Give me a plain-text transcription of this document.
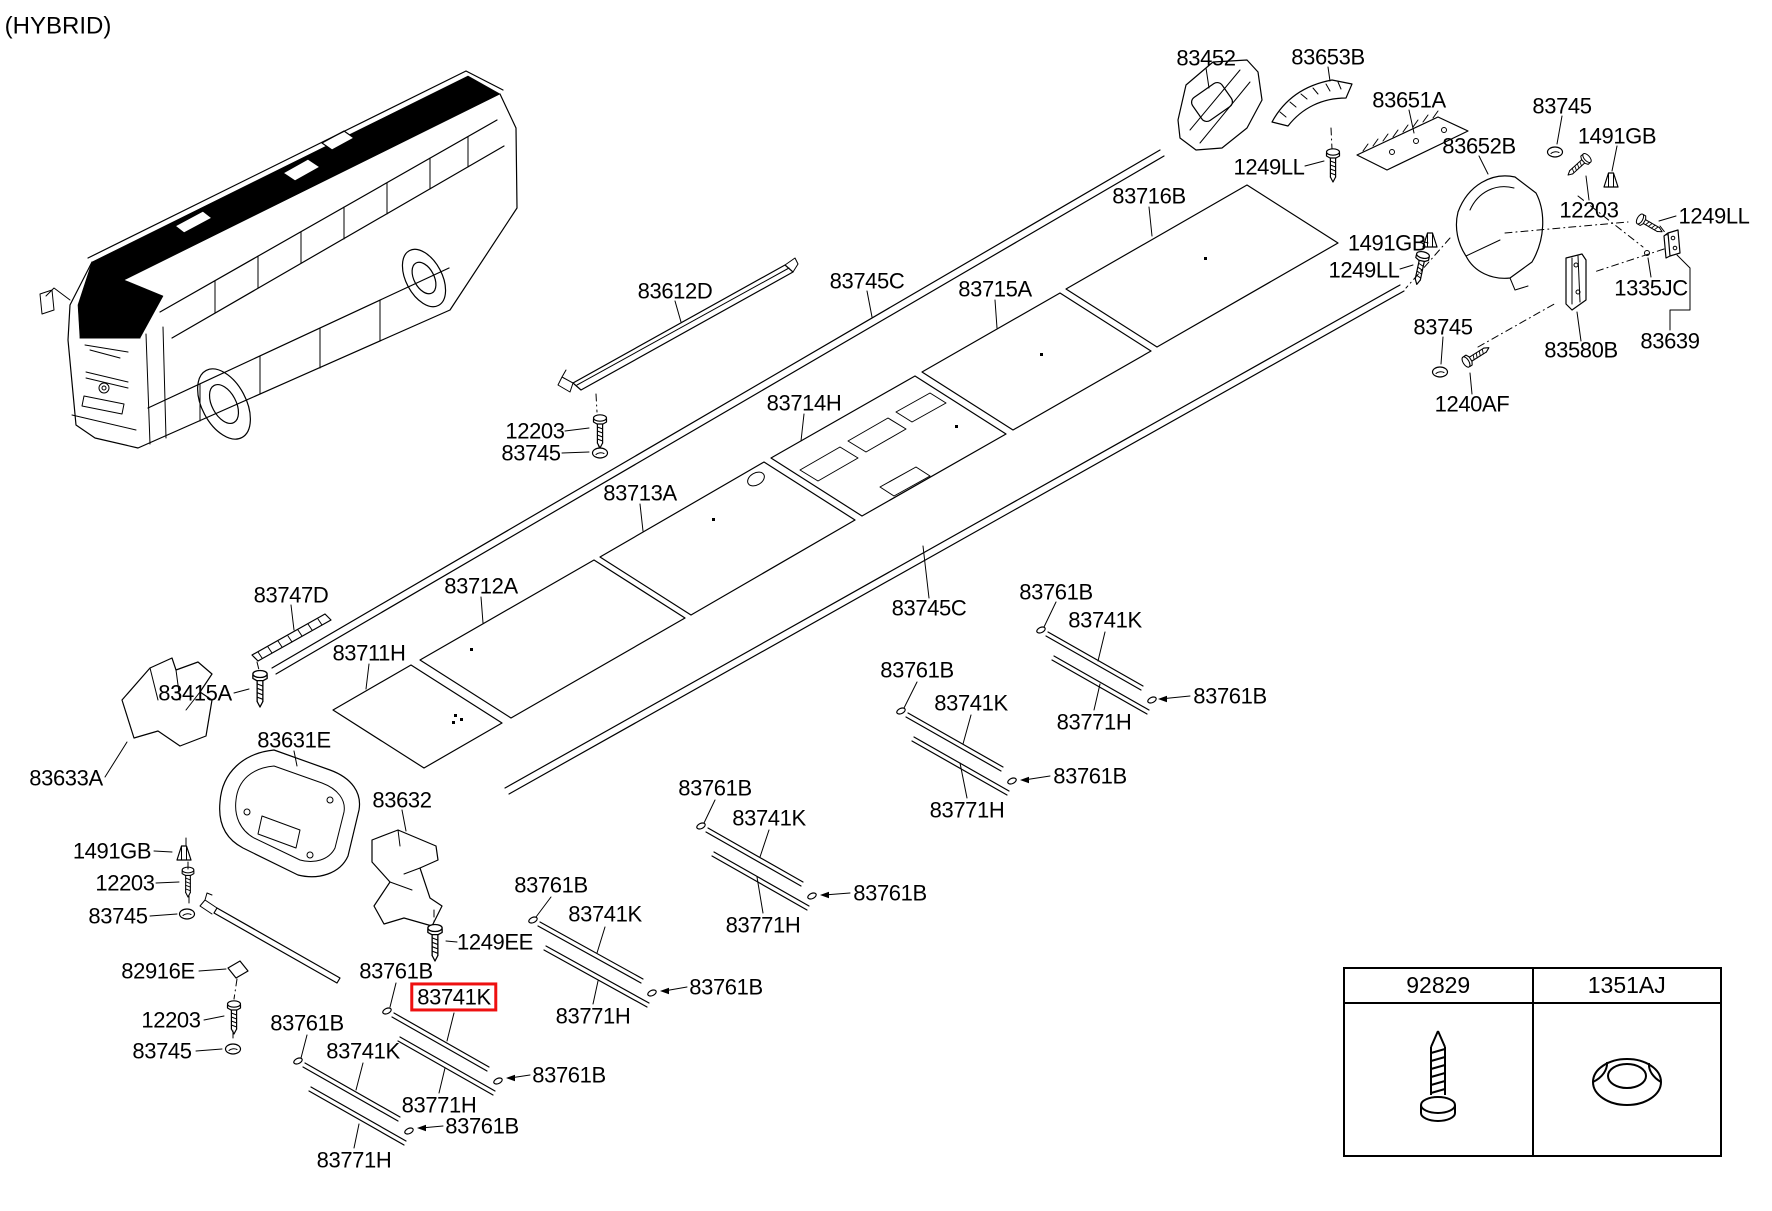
(HYBRID)
83452	83653B
83651A
83652B
83745
1491GB
12203	1249LL
1249LL
1491GB
1249LL
1335JC
83639
83580B
83745
1240AF
83716B
83715A
83745C
83714H
83612D
12203
83745
83713A
83712A
83711H
83747D
83415A
83745C
83633A
83631E
83632
1491GB
12203
83745
82916E
12203
83745
1249EE
83761B
83741K
83771H
83761B
83761B
83741K
83771H
83761B
83761B
83741K
83771H
83761B
83761B
83741K
83771H
83761B
83761B
83741K
83771H
83761B
83761B
83741K
83771H
83761B
92829	1351AJ
